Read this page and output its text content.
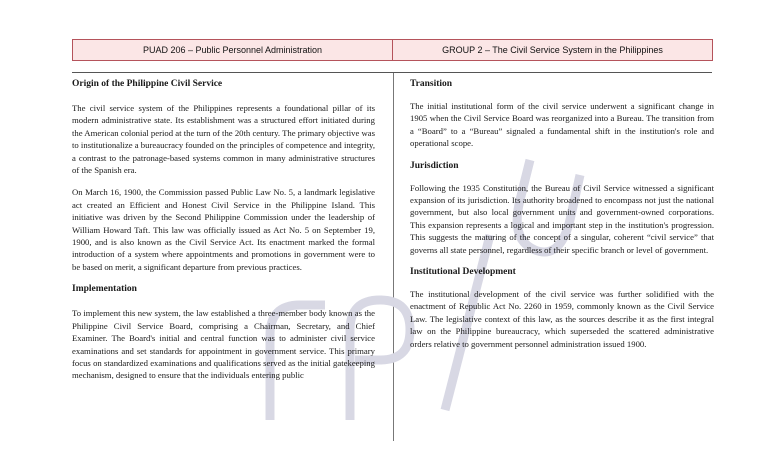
PUAD 206 – Public Personnel Administration	GROUP 2 – The Civil Service System in the Philippines
Origin of the Philippine Civil Service

The civil service system of the Philippines represents a foundational pillar of its modern administrative state. Its establishment was a structured effort initiated during the American colonial period at the turn of the 20th century. The primary objective was to institutionalize a bureaucracy founded on the principles of competence and integrity, a contrast to the patronage-based systems common in many administrative structures of the Spanish era.

On March 16, 1900, the Commission passed Public Law No. 5, a landmark legislative act created an Efficient and Honest Civil Service in the Philippine Island. This initiative was driven by the Second Philippine Commission under the leadership of William Howard Taft. This law was officially issued as Act No. 5 on September 19, 1900, and is also known as the Civil Service Act. Its enactment marked the formal introduction of a system where appointments and promotions in government were to be based on merit, a significant departure from previous practices.

Implementation

To implement this new system, the law established a three-member body known as the Philippine Civil Service Board, comprising a Chairman, Secretary, and Chief Examiner. The Board's initial and central function was to administer civil service examinations and set standards for appointment in government service. This primary focus on standardized examinations and qualifications served as the initial gatekeeping mechanism, designed to ensure that the individuals entering public

Transition

The initial institutional form of the civil service underwent a significant change in 1905 when the Civil Service Board was reorganized into a Bureau. The transition from a “Board” to a “Bureau” signaled a fundamental shift in the institution's role and operational scope.

Jurisdiction

Following the 1935 Constitution, the Bureau of Civil Service witnessed a significant expansion of its jurisdiction. Its authority broadened to encompass not just the national government, but also local government units and government-owned corporations. This expansion represents a logical and important step in the institution's progression. This suggests the maturing of the concept of a singular, coherent “civil service” that governs all state personnel, regardless of their specific branch or level of government.

Institutional Development

The institutional development of the civil service was further solidified with the enactment of Republic Act No. 2260 in 1959, commonly known as the Civil Service Law. The legislative context of this law, as the sources describe it as the first integral law on the Philippine bureaucracy, which superseded the scattered administrative orders relative to government personnel administration issued 1900.
